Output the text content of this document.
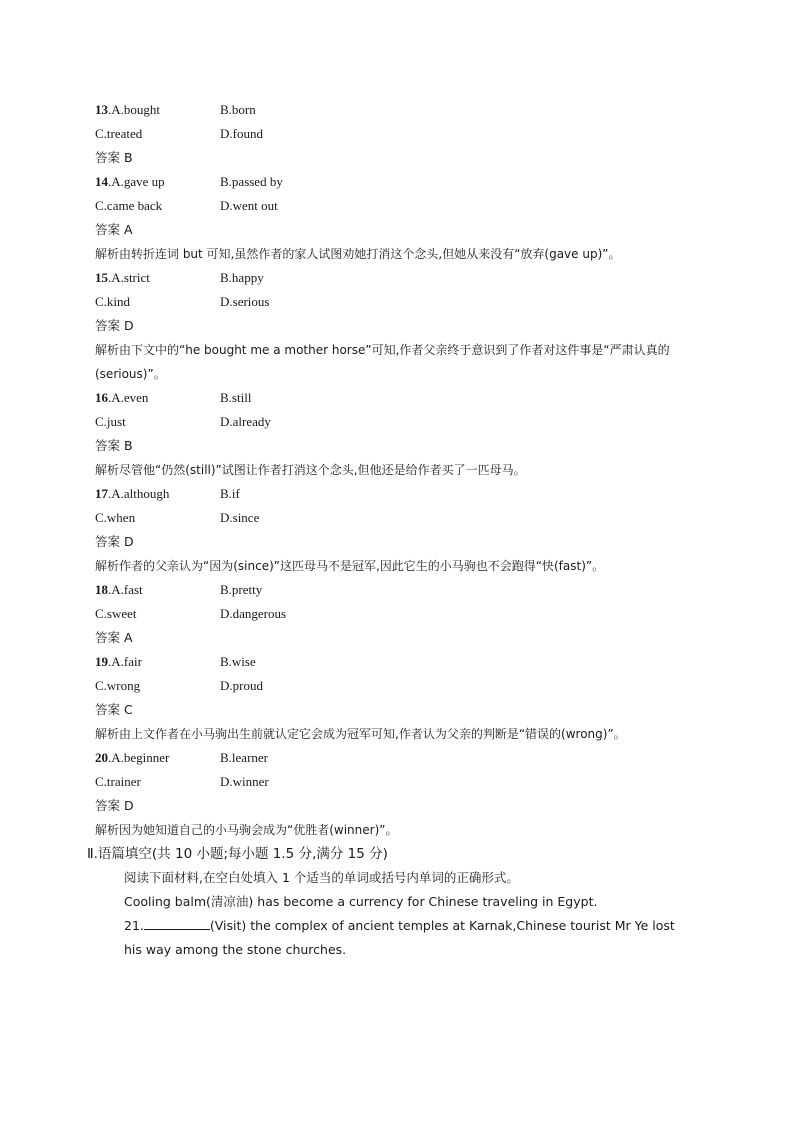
13.A.bought	B.born
C.treated	D.found
答案 B
14.A.gave up	B.passed by
C.came back	D.went out
答案 A
解析由转折连词 but 可知,虽然作者的家人试图劝她打消这个念头,但她从来没有“放弃(gave up)”。
15.A.strict	B.happy
C.kind	D.serious
答案 D
解析由下文中的“he bought me a mother horse”可知,作者父亲终于意识到了作者对这件事是“严肃认真的(serious)”。
16.A.even	B.still
C.just	D.already
答案 B
解析尽管他“仍然(still)”试图让作者打消这个念头,但他还是给作者买了一匹母马。
17.A.although	B.if
C.when	D.since
答案 D
解析作者的父亲认为“因为(since)”这匹母马不是冠军,因此它生的小马驹也不会跑得“快(fast)”。
18.A.fast	B.pretty
C.sweet	D.dangerous
答案 A
19.A.fair	B.wise
C.wrong	D.proud
答案 C
解析由上文作者在小马驹出生前就认定它会成为冠军可知,作者认为父亲的判断是“错误的(wrong)”。
20.A.beginner	B.learner
C.trainer	D.winner
答案 D
解析因为她知道自己的小马驹会成为“优胜者(winner)”。
Ⅱ.语篇填空(共 10 小题;每小题 1.5 分,满分 15 分)
阅读下面材料,在空白处填入 1 个适当的单词或括号内单词的正确形式。
Cooling balm(清凉油) has become a currency for Chinese traveling in Egypt.
21.	(Visit) the complex of ancient temples at Karnak,Chinese tourist Mr Ye lost his way among the stone churches.
